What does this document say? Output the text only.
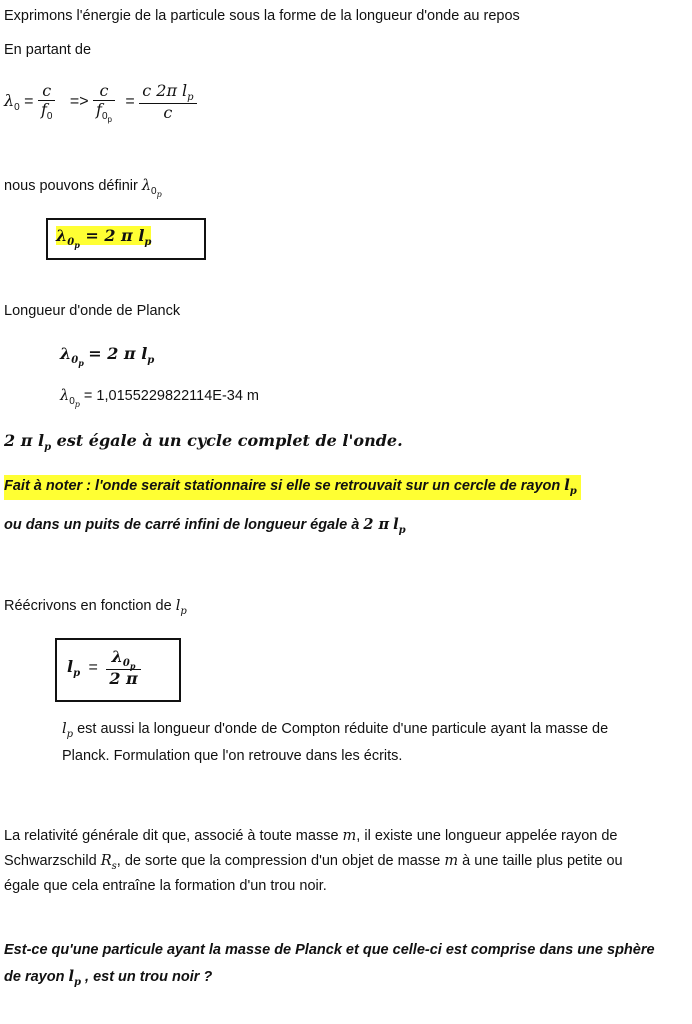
Exprimons l'énergie de la particule sous la forme de la longueur d'onde au repos
En partant de
$\lambda_0 = \frac{c}{f_0} => \frac{c}{f_{0_p}} = \frac{c 2\pi l_p}{c}$
nous pouvons définir $\lambda_{0_p}$
$\lambda_{0_p} = 2$ π $l_p$
Longueur d'onde de Planck
$\lambda_{0_p} = 2$ π $l_p$
$\lambda_{0_p} = 1,0155229822114E-34$ m
2 π $l_p$ est égale à un cycle complet de l'onde.
Fait à noter : l'onde serait stationnaire si elle se retrouvait sur un cercle de rayon $l_p$
ou dans un puits de carré infini de longueur égale à 2 π $l_p$
Réécrivons en fonction de $l_p$
$l_p = \frac{\lambda_{0_p}}{2 \pi}$
$l_p$ est aussi la longueur d'onde de Compton réduite d'une particule ayant la masse de
Planck. Formulation que l'on retrouve dans les écrits.
La relativité générale dit que, associé à toute masse m, il existe une longueur appelée rayon de
Schwarzschild $R_s$, de sorte que la compression d'un objet de masse m à une taille plus petite ou
égale que cela entraîne la formation d'un trou noir.
Est-ce qu'une particule ayant la masse de Planck et que celle-ci est comprise dans une sphère
de rayon $l_p$ , est un trou noir ?
